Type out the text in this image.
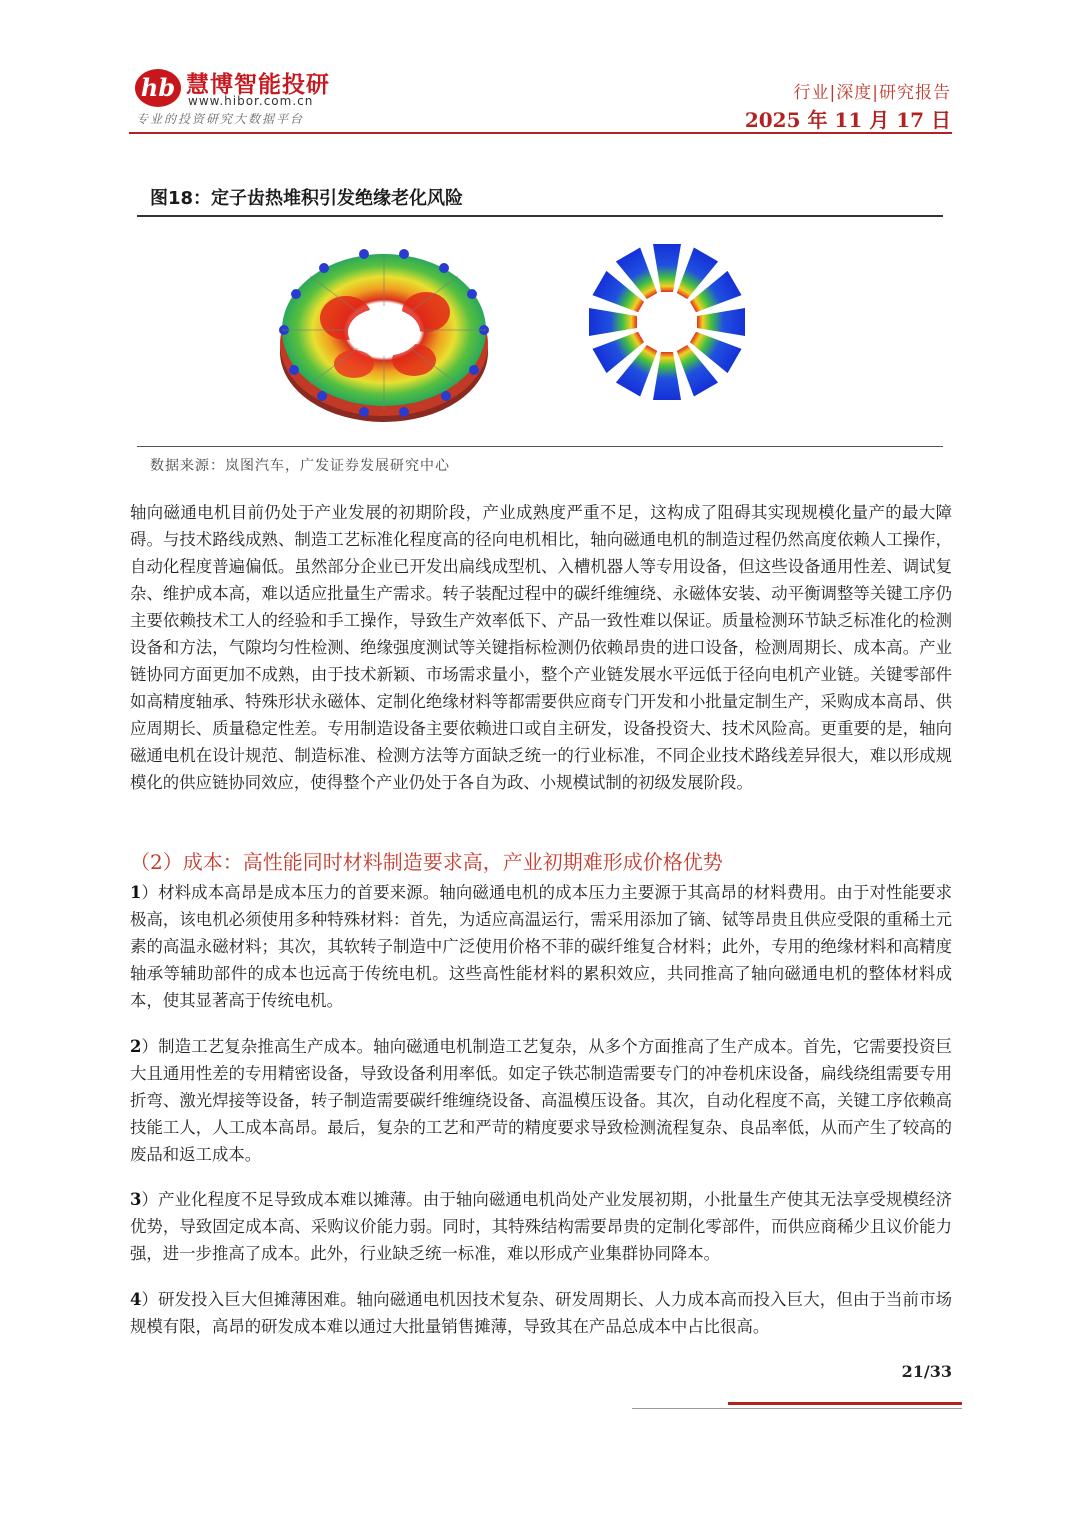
hb 慧博智能投研
www.hibor.com.cn
专业的投资研究大数据平台
行业|深度|研究报告
2025 年 11 月 17 日
图18：定子齿热堆积引发绝缘老化风险
数据来源：岚图汽车，广发证券发展研究中心

轴向磁通电机目前仍处于产业发展的初期阶段，产业成熟度严重不足，这构成了阻碍其实现规模化量产的最大障碍。与技术路线成熟、制造工艺标准化程度高的径向电机相比，轴向磁通电机的制造过程仍然高度依赖人工操作，自动化程度普遍偏低。虽然部分企业已开发出扁线成型机、入槽机器人等专用设备，但这些设备通用性差、调试复杂、维护成本高，难以适应批量生产需求。转子装配过程中的碳纤维缠绕、永磁体安装、动平衡调整等关键工序仍主要依赖技术工人的经验和手工操作，导致生产效率低下、产品一致性难以保证。质量检测环节缺乏标准化的检测设备和方法，气隙均匀性检测、绝缘强度测试等关键指标检测仍依赖昂贵的进口设备，检测周期长、成本高。产业链协同方面更加不成熟，由于技术新颖、市场需求量小，整个产业链发展水平远低于径向电机产业链。关键零部件如高精度轴承、特殊形状永磁体、定制化绝缘材料等都需要供应商专门开发和小批量定制生产，采购成本高昂、供应周期长、质量稳定性差。专用制造设备主要依赖进口或自主研发，设备投资大、技术风险高。更重要的是，轴向磁通电机在设计规范、制造标准、检测方法等方面缺乏统一的行业标准，不同企业技术路线差异很大，难以形成规模化的供应链协同效应，使得整个产业仍处于各自为政、小规模试制的初级发展阶段。

（2）成本：高性能同时材料制造要求高，产业初期难形成价格优势

1）材料成本高昂是成本压力的首要来源。轴向磁通电机的成本压力主要源于其高昂的材料费用。由于对性能要求极高，该电机必须使用多种特殊材料：首先，为适应高温运行，需采用添加了镝、铽等昂贵且供应受限的重稀土元素的高温永磁材料；其次，其软转子制造中广泛使用价格不菲的碳纤维复合材料；此外，专用的绝缘材料和高精度轴承等辅助部件的成本也远高于传统电机。这些高性能材料的累积效应，共同推高了轴向磁通电机的整体材料成本，使其显著高于传统电机。

2）制造工艺复杂推高生产成本。轴向磁通电机制造工艺复杂，从多个方面推高了生产成本。首先，它需要投资巨大且通用性差的专用精密设备，导致设备利用率低。如定子铁芯制造需要专门的冲卷机床设备，扁线绕组需要专用折弯、激光焊接等设备，转子制造需要碳纤维缠绕设备、高温模压设备。其次，自动化程度不高，关键工序依赖高技能工人，人工成本高昂。最后，复杂的工艺和严苛的精度要求导致检测流程复杂、良品率低，从而产生了较高的废品和返工成本。

3）产业化程度不足导致成本难以摊薄。由于轴向磁通电机尚处产业发展初期，小批量生产使其无法享受规模经济优势，导致固定成本高、采购议价能力弱。同时，其特殊结构需要昂贵的定制化零部件，而供应商稀少且议价能力强，进一步推高了成本。此外，行业缺乏统一标准，难以形成产业集群协同降本。

4）研发投入巨大但摊薄困难。轴向磁通电机因技术复杂、研发周期长、人力成本高而投入巨大，但由于当前市场规模有限，高昂的研发成本难以通过大批量销售摊薄，导致其在产品总成本中占比很高。

21/33
